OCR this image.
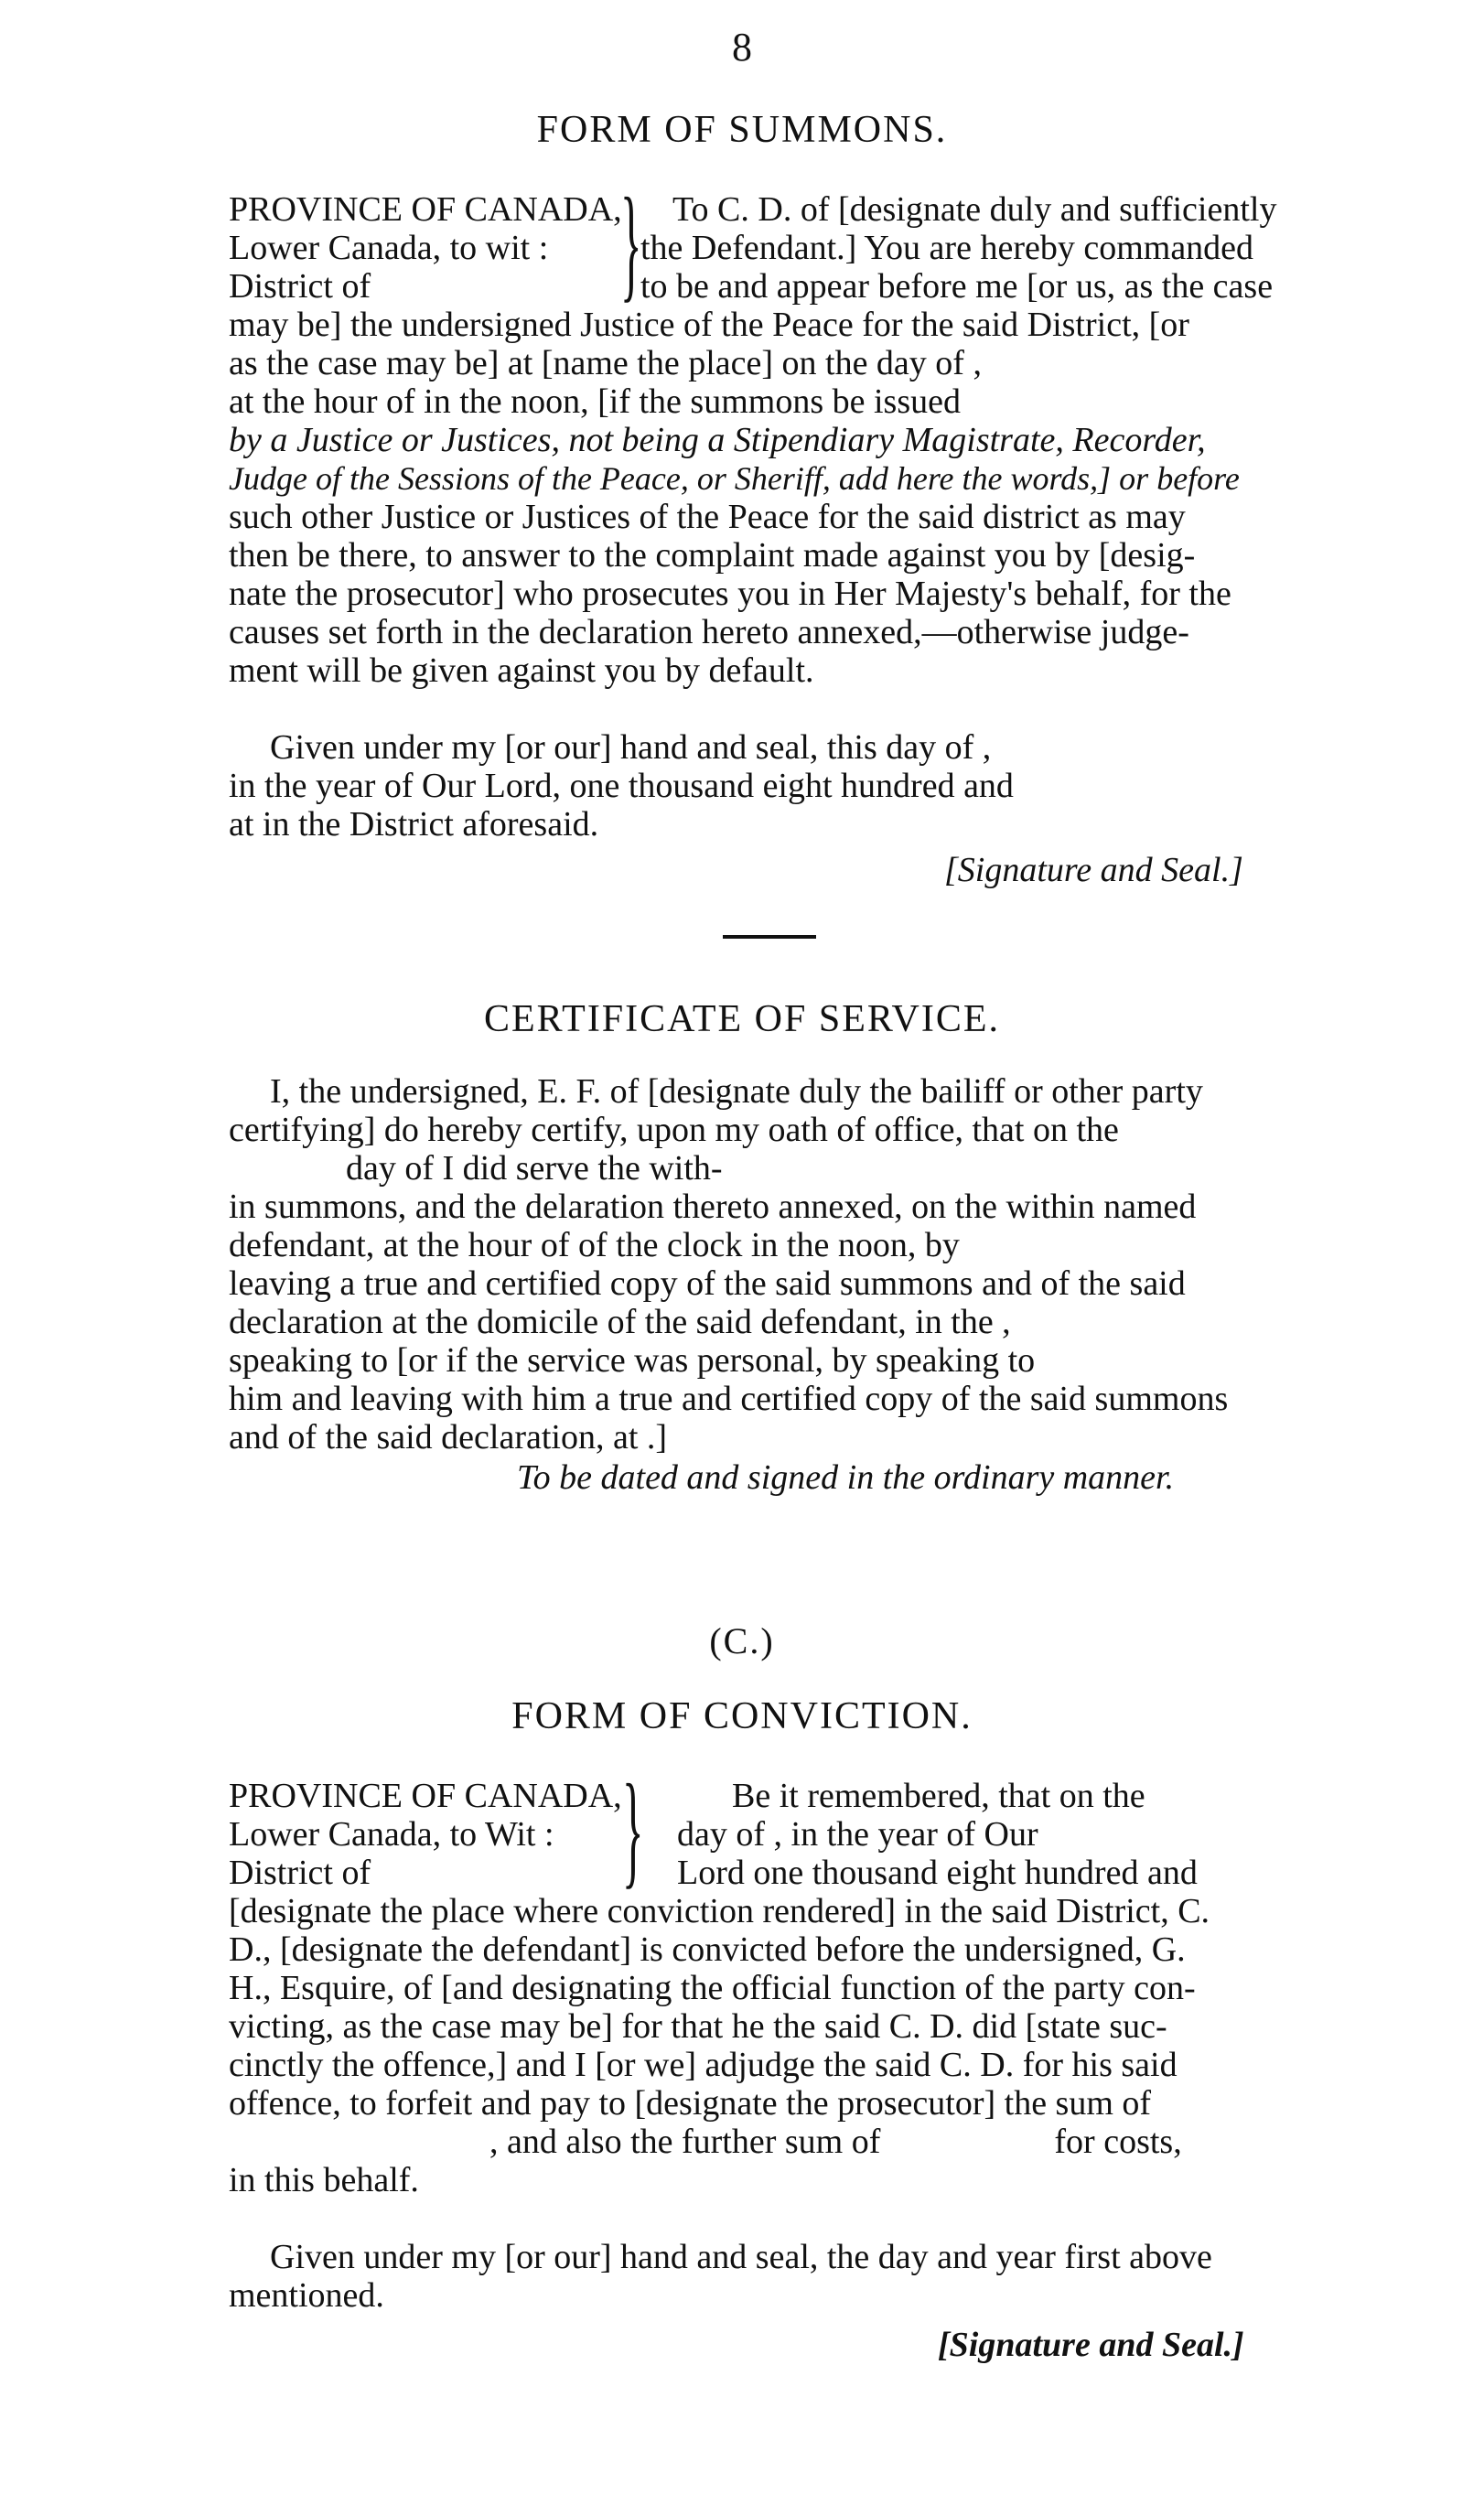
8
FORM OF SUMMONS.
PROVINCE OF CANADA,
Lower Canada, to wit :
District of } To C. D. of [designate duly and sufficiently
the Defendant.] You are hereby commanded
to be and appear before me [or us, as the case
may be] the undersigned Justice of the Peace for the said District, [or
as the case may be] at [name the place] on the day of ,
at the hour of in the noon, [if the summons be issued
by a Justice or Justices, not being a Stipendiary Magistrate, Recorder,
Judge of the Sessions of the Peace, or Sheriff, add here the words,] or before
such other Justice or Justices of the Peace for the said district as may
then be there, to answer to the complaint made against you by [desig-
nate the prosecutor] who prosecutes you in Her Majesty's behalf, for the
causes set forth in the declaration hereto annexed,—otherwise judge-
ment will be given against you by default.
Given under my [or our] hand and seal, this day of ,
in the year of Our Lord, one thousand eight hundred and
at in the District aforesaid.
[Signature and Seal.]
CERTIFICATE OF SERVICE.
I, the undersigned, E. F. of [designate duly the bailiff or other party
certifying] do hereby certify, upon my oath of office, that on the
day of I did serve the with-
in summons, and the delaration thereto annexed, on the within named
defendant, at the hour of of the clock in the noon, by
leaving a true and certified copy of the said summons and of the said
declaration at the domicile of the said defendant, in the ,
speaking to [or if the service was personal, by speaking to
him and leaving with him a true and certified copy of the said summons
and of the said declaration, at .]
To be dated and signed in the ordinary manner.
(C.)
FORM OF CONVICTION.
PROVINCE OF CANADA,
Lower Canada, to Wit :
District of }	Be it remembered, that on the
day of , in the year of Our
Lord one thousand eight hundred and
[designate the place where conviction rendered] in the said District, C.
D., [designate the defendant] is convicted before the undersigned, G.
H., Esquire, of [and designating the official function of the party con-
victing, as the case may be] for that he the said C. D. did [state suc-
cinctly the offence,] and I [or we] adjudge the said C. D. for his said
offence, to forfeit and pay to [designate the prosecutor] the sum of
, and also the further sum of                    for costs,
in this behalf.
Given under my [or our] hand and seal, the day and year first above
mentioned.
[Signature and Seal.]
